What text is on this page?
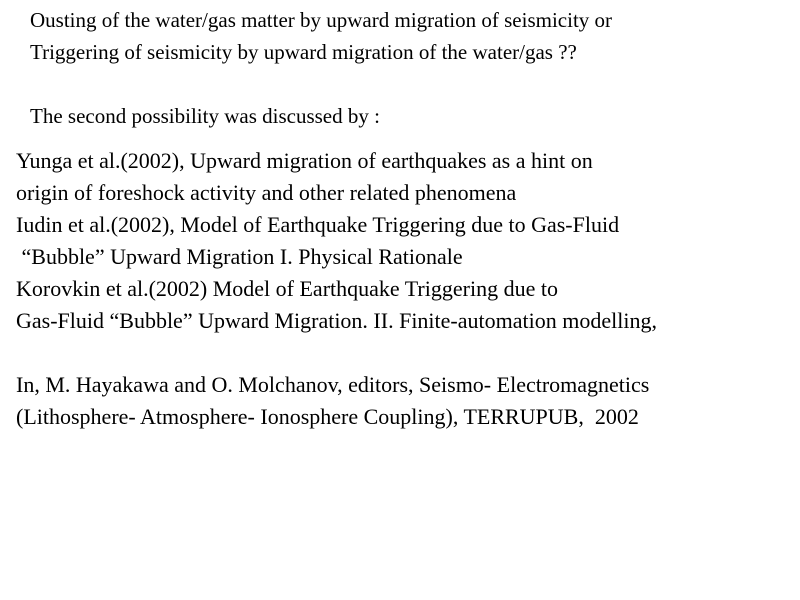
Ousting of the water/gas matter by upward migration of seismicity or
Triggering of seismicity by upward migration of the water/gas ??
The second possibility was discussed by :
Yunga et al.(2002), Upward migration of earthquakes as a hint on
origin of foreshock activity and other related phenomena
Iudin et al.(2002), Model of Earthquake Triggering due to Gas-Fluid
“Bubble” Upward Migration I. Physical Rationale
Korovkin et al.(2002) Model of Earthquake Triggering due to
Gas-Fluid “Bubble” Upward Migration. II. Finite-automation modelling,
In, M. Hayakawa and O. Molchanov, editors, Seismo- Electromagnetics
(Lithosphere- Atmosphere- Ionosphere Coupling), TERRUPUB,  2002
